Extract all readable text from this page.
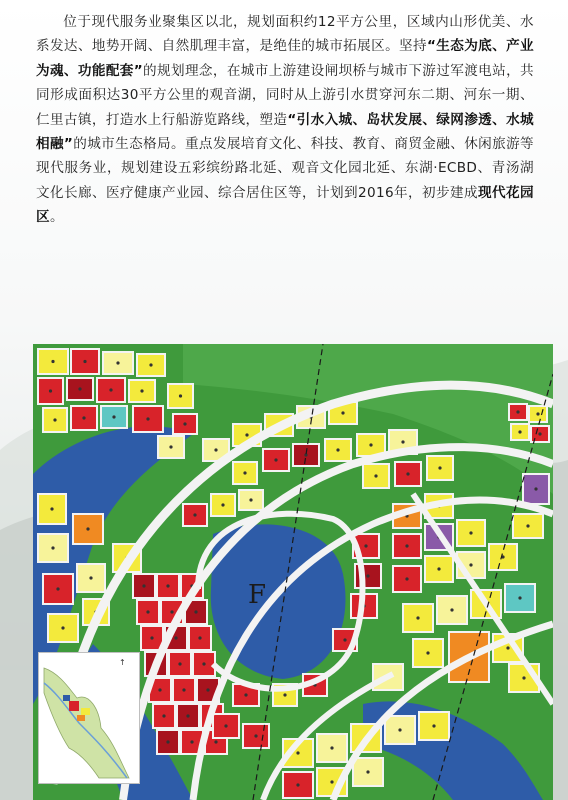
位于现代服务业聚集区以北，规划面积约12平方公里，区域内山形优美、水系发达、地势开阔、自然肌理丰富，是绝佳的城市拓展区。坚持“生态为底、产业为魂、功能配套”的规划理念，在城市上游建设闸坝桥与城市下游过军渡电站，共同形成面积达30平方公里的观音湖，同时从上游引水贯穿河东二期、河东一期、仁里古镇，打造水上行船游览路线，塑造“引水入城、岛状发展、绿网渗透、水城相融”的城市生态格局。重点发展培育文化、科技、教育、商贸金融、休闲旅游等现代服务业，规划建设五彩缤纷路北延、观音文化园北延、东湖·ECBD、青汤湖文化长廊、医疗健康产业园、综合居住区等，计划到2016年，初步建成现代花园区。

↑
F
